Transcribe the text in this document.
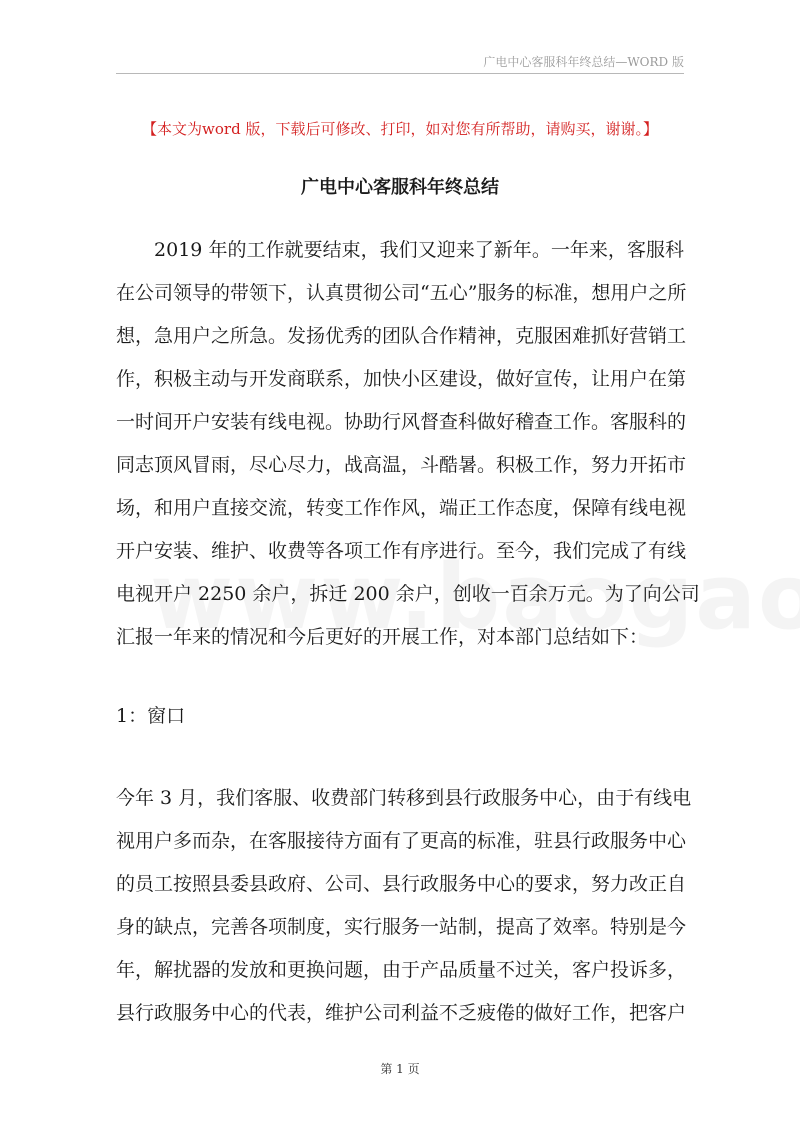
广电中心客服科年终总结—WORD 版
【本文为word 版，下载后可修改、打印，如对您有所帮助，请购买，谢谢。】
广电中心客服科年终总结
　　2019 年的工作就要结束，我们又迎来了新年。一年来，客服科
在公司领导的带领下，认真贯彻公司“五心”服务的标准，想用户之所
想，急用户之所急。发扬优秀的团队合作精神，克服困难抓好营销工
作，积极主动与开发商联系，加快小区建设，做好宣传，让用户在第
一时间开户安装有线电视。协助行风督查科做好稽查工作。客服科的
同志顶风冒雨，尽心尽力，战高温，斗酷暑。积极工作，努力开拓市
场，和用户直接交流，转变工作作风，端正工作态度，保障有线电视
开户安装、维护、收费等各项工作有序进行。至今，我们完成了有线
电视开户 2250 余户，拆迁 200 余户，创收一百余万元。为了向公司
汇报一年来的情况和今后更好的开展工作，对本部门总结如下：
1：窗口
今年 3 月，我们客服、收费部门转移到县行政服务中心，由于有线电
视用户多而杂，在客服接待方面有了更高的标准，驻县行政服务中心
的员工按照县委县政府、公司、县行政服务中心的要求，努力改正自
身的缺点，完善各项制度，实行服务一站制，提高了效率。特别是今
年，解扰器的发放和更换问题，由于产品质量不过关，客户投诉多，
县行政服务中心的代表，维护公司利益不乏疲倦的做好工作，把客户
第 1 页
